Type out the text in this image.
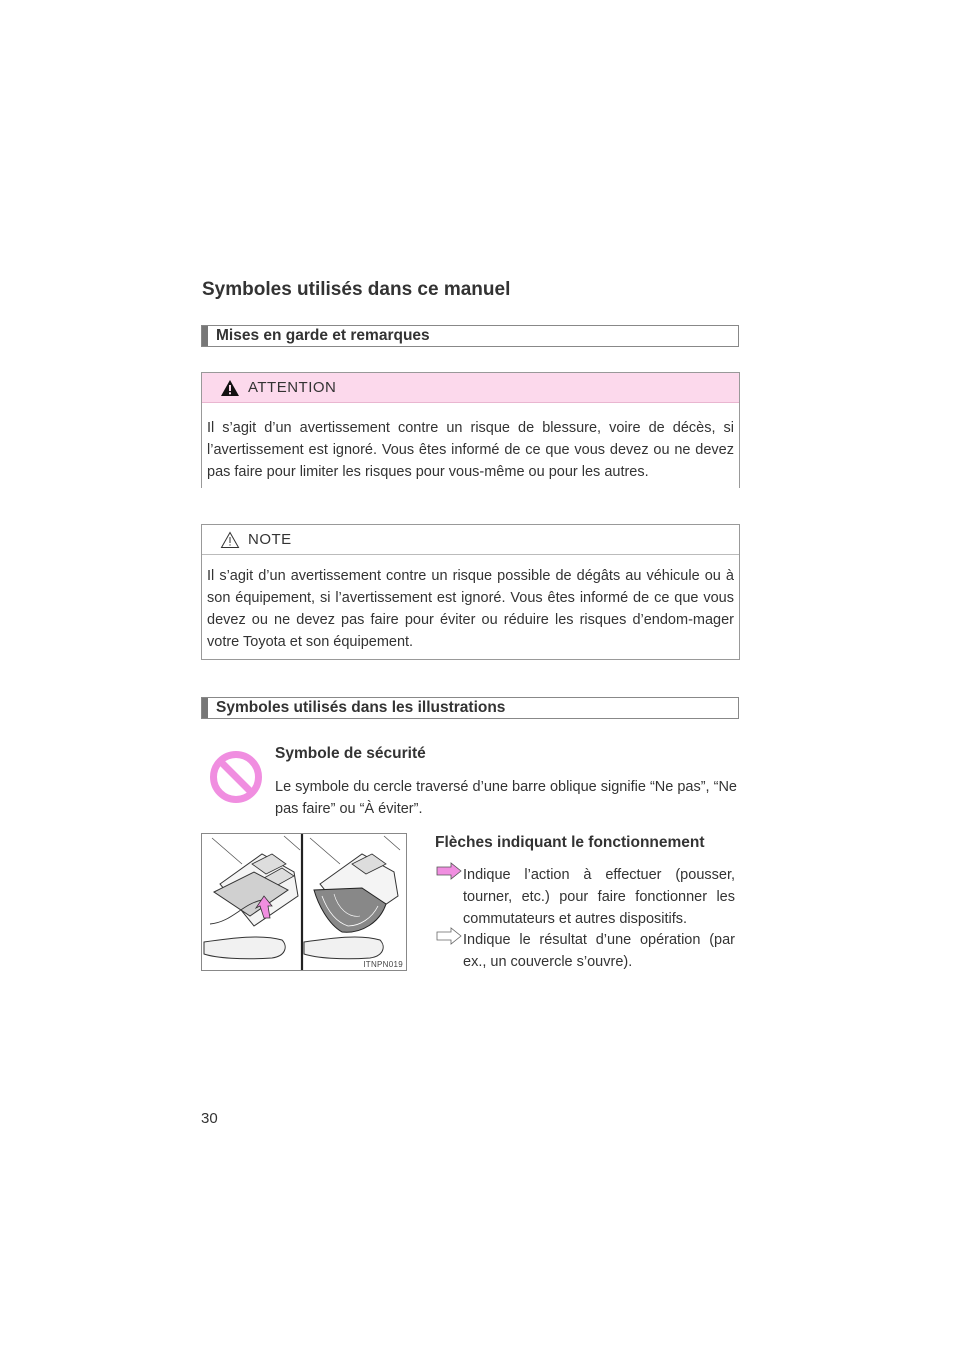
Symboles utilisés dans ce manuel
Mises en garde et remarques
ATTENTION
Il s’agit d’un avertissement contre un risque de blessure, voire de décès, si l’avertissement est ignoré. Vous êtes informé de ce que vous devez ou ne devez pas faire pour limiter les risques pour vous-même ou pour les autres.
NOTE
Il s’agit d’un avertissement contre un risque possible de dégâts au véhicule ou à son équipement, si l’avertissement est ignoré. Vous êtes informé de ce que vous devez ou ne devez pas faire pour éviter ou réduire les risques d’endom-mager votre Toyota et son équipement.
Symboles utilisés dans les illustrations
Symbole de sécurité
Le symbole du cercle traversé d’une barre oblique signifie “Ne pas”, “Ne pas faire” ou “À éviter”.
ITNPN019
Flèches indiquant le fonctionnement
Indique l’action à effectuer (pousser, tourner, etc.) pour faire fonctionner les commutateurs et autres dispositifs.
Indique le résultat d’une opération (par ex., un couvercle s’ouvre).
30
